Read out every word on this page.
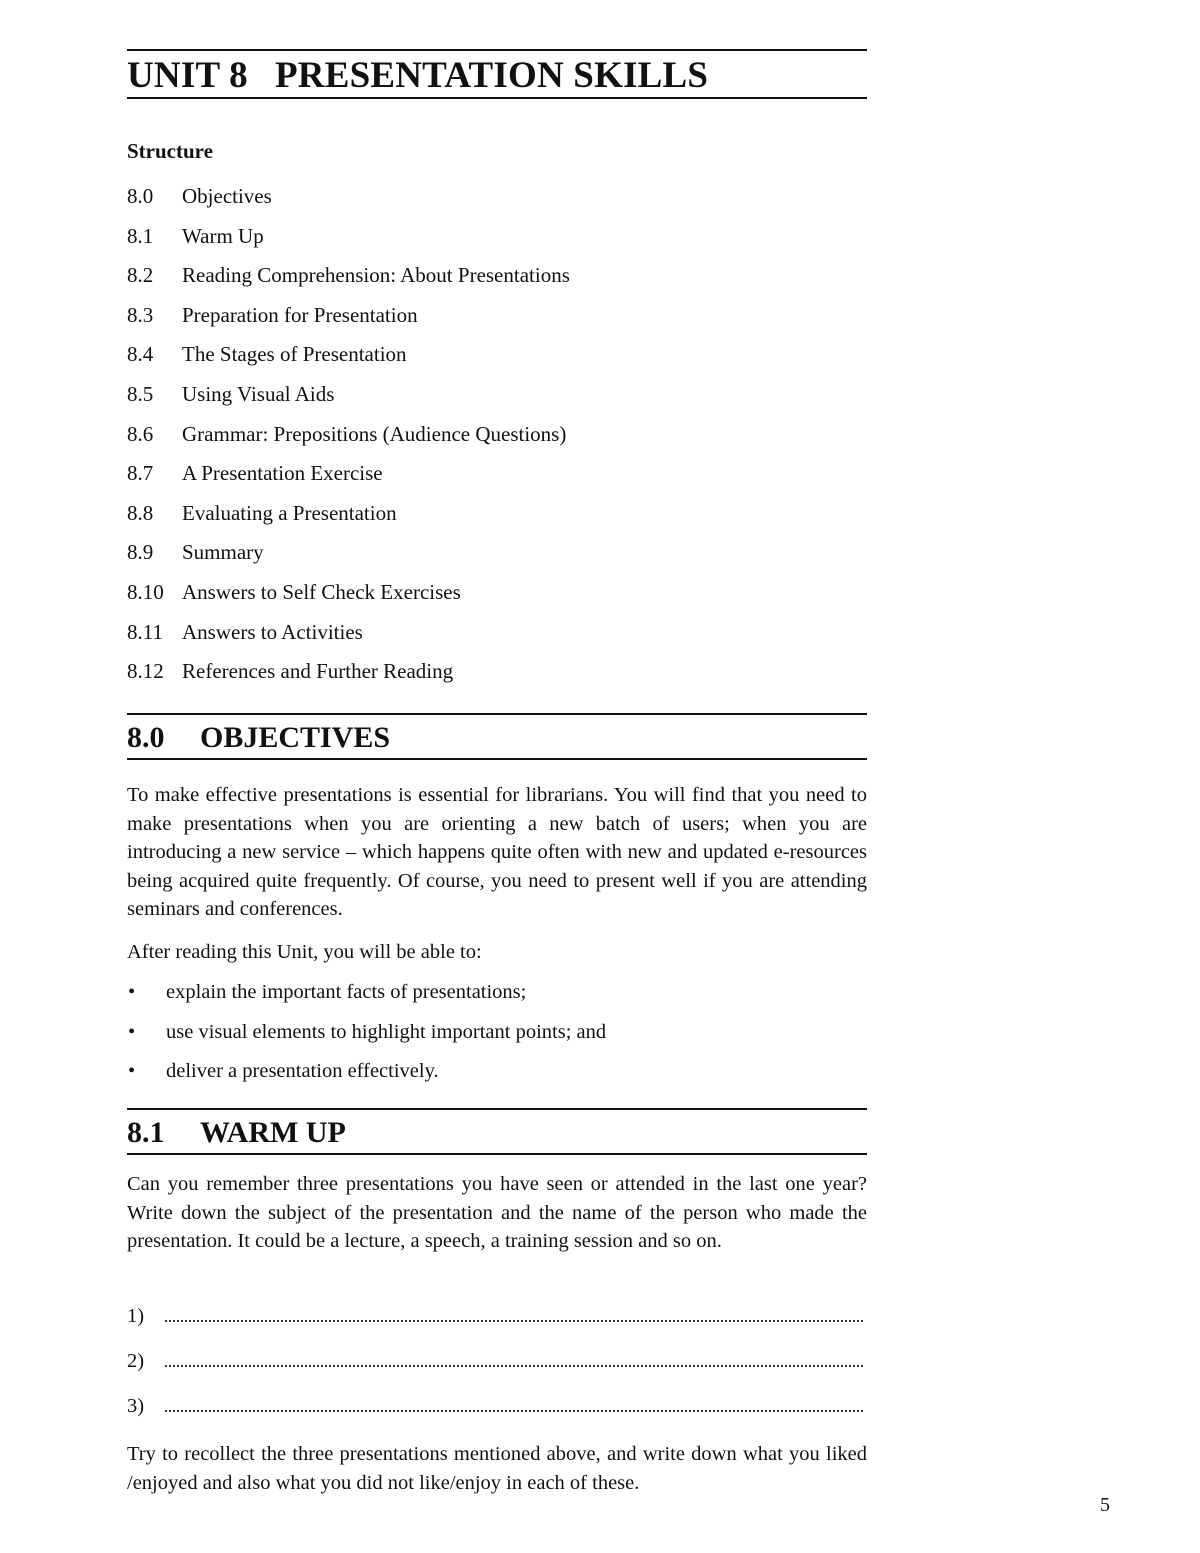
UNIT 8 PRESENTATION SKILLS
Structure
8.0 Objectives
8.1 Warm Up
8.2 Reading Comprehension: About Presentations
8.3 Preparation for Presentation
8.4 The Stages of Presentation
8.5 Using Visual Aids
8.6 Grammar: Prepositions (Audience Questions)
8.7 A Presentation Exercise
8.8 Evaluating a Presentation
8.9 Summary
8.10 Answers to Self Check Exercises
8.11 Answers to Activities
8.12 References and Further Reading
8.0 OBJECTIVES
To make effective presentations is essential for librarians. You will find that you need to make presentations when you are orienting a new batch of users; when you are introducing a new service – which happens quite often with new and updated e-resources being acquired quite frequently. Of course, you need to present well if you are attending seminars and conferences.
After reading this Unit, you will be able to:
• explain the important facts of presentations;
• use visual elements to highlight important points; and
• deliver a presentation effectively.
8.1 WARM UP
Can you remember three presentations you have seen or attended in the last one year? Write down the subject of the presentation and the name of the person who made the presentation. It could be a lecture, a speech, a training session and so on.
1)
2)
3)
Try to recollect the three presentations mentioned above, and write down what you liked /enjoyed and also what you did not like/enjoy in each of these.
5
